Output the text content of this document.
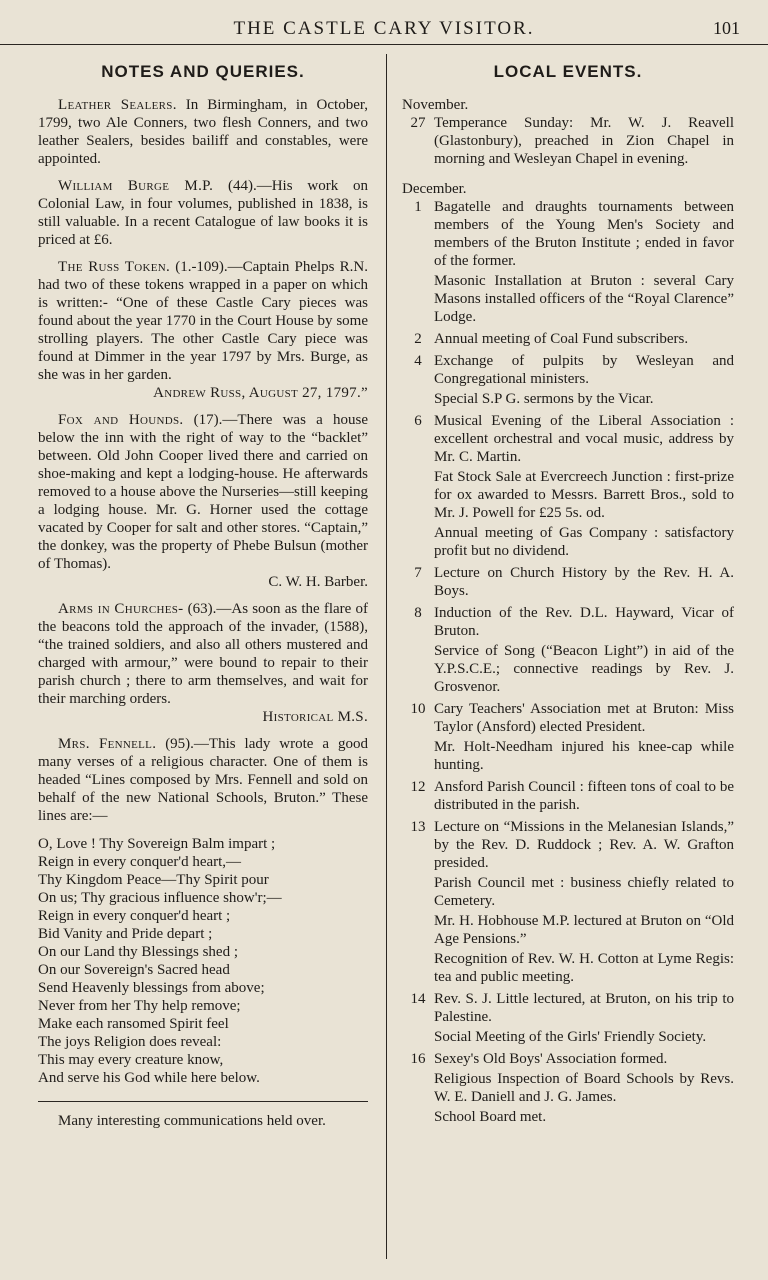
THE CASTLE CARY VISITOR.	101
NOTES AND QUERIES.

Leather Sealers. In Birmingham, in October, 1799, two Ale Conners, two flesh Conners, and two leather Sealers, besides bailiff and constables, were appointed.

William Burge M.P. (44).—His work on Colonial Law, in four volumes, published in 1838, is still valuable. In a recent Catalogue of law books it is priced at £6.

The Russ Token. (1.-109).—Captain Phelps R.N. had two of these tokens wrapped in a paper on which is written:- “One of these Castle Cary pieces was found about the year 1770 in the Court House by some strolling players. The other Castle Cary piece was found at Dimmer in the year 1797 by Mrs. Burge, as she was in her garden.
Andrew Russ, August 27, 1797.”

Fox and Hounds. (17).—There was a house below the inn with the right of way to the “backlet” between. Old John Cooper lived there and carried on shoe-making and kept a lodging-house. He afterwards removed to a house above the Nurseries—still keeping a lodging house. Mr. G. Horner used the cottage vacated by Cooper for salt and other stores. “Captain,” the donkey, was the property of Phebe Bulsun (mother of Thomas).
C. W. H. Barber.

Arms in Churches- (63).—As soon as the flare of the beacons told the approach of the invader, (1588), “the trained soldiers, and also all others mustered and charged with armour,” were bound to repair to their parish church ; there to arm themselves, and wait for their marching orders.
Historical M.S.

Mrs. Fennell. (95).—This lady wrote a good many verses of a religious character. One of them is headed “Lines composed by Mrs. Fennell and sold on behalf of the new National Schools, Bruton.” These lines are:—

O, Love ! Thy Sovereign Balm impart ;
Reign in every conquer'd heart,—
Thy Kingdom Peace—Thy Spirit pour
On us; Thy gracious influence show'r;—
Reign in every conquer'd heart ;
Bid Vanity and Pride depart ;
On our Land thy Blessings shed ;
On our Sovereign's Sacred head
Send Heavenly blessings from above;
Never from her Thy help remove;
Make each ransomed Spirit feel
The joys Religion does reveal:
This may every creature know,
And serve his God while here below.

Many interesting communications held over.

LOCAL EVENTS.
November.
27 Temperance Sunday: Mr. W. J. Reavell (Glastonbury), preached in Zion Chapel in morning and Wesleyan Chapel in evening.

December.
1 Bagatelle and draughts tournaments between members of the Young Men's Society and members of the Bruton Institute ; ended in favor of the former.

Masonic Installation at Bruton : several Cary Masons installed officers of the “Royal Clarence” Lodge.

2 Annual meeting of Coal Fund subscribers.

4 Exchange of pulpits by Wesleyan and Congregational ministers.

Special S.P G. sermons by the Vicar.

6 Musical Evening of the Liberal Association : excellent orchestral and vocal music, address by Mr. C. Martin.

Fat Stock Sale at Evercreech Junction : first-prize for ox awarded to Messrs. Barrett Bros., sold to Mr. J. Powell for £25 5s. od.

Annual meeting of Gas Company : satisfactory profit but no dividend.

7 Lecture on Church History by the Rev. H. A. Boys.

8 Induction of the Rev. D.L. Hayward, Vicar of Bruton.

Service of Song (“Beacon Light”) in aid of the Y.P.S.C.E.; connective readings by Rev. J. Grosvenor.

10 Cary Teachers' Association met at Bruton: Miss Taylor (Ansford) elected President.

Mr. Holt-Needham injured his knee-cap while hunting.

12 Ansford Parish Council : fifteen tons of coal to be distributed in the parish.

13 Lecture on “Missions in the Melanesian Islands,” by the Rev. D. Ruddock ; Rev. A. W. Grafton presided.

Parish Council met : business chiefly related to Cemetery.

Mr. H. Hobhouse M.P. lectured at Bruton on “Old Age Pensions.”

Recognition of Rev. W. H. Cotton at Lyme Regis: tea and public meeting.

14 Rev. S. J. Little lectured, at Bruton, on his trip to Palestine.

Social Meeting of the Girls' Friendly Society.

16 Sexey's Old Boys' Association formed.

Religious Inspection of Board Schools by Revs. W. E. Daniell and J. G. James.

School Board met.
